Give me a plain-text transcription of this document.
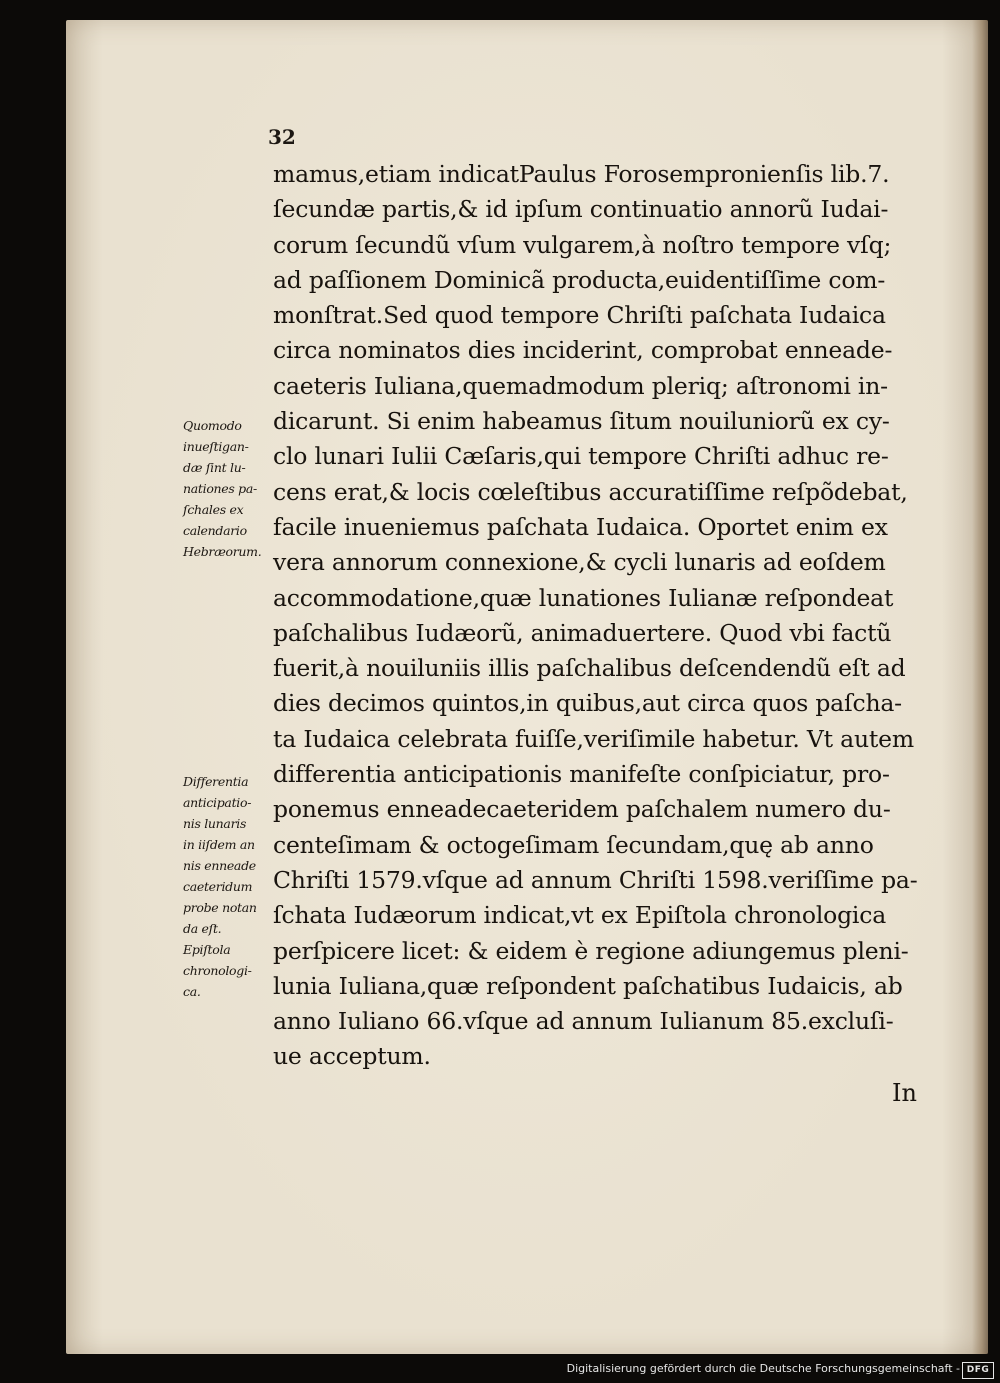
32
mamus,etiam indicatPaulus Forosempronienſis lib.7.
ſecundæ partis,& id ipſum continuatio annorũ Iudai-
corum ſecundũ vſum vulgarem,à noſtro tempore vſq;
ad paſſionem Dominicã producta,euidentiſſime com-
monſtrat.Sed quod tempore Chriſti paſchata Iudaica
circa nominatos dies inciderint, comprobat ennеade-
caeteris Iuliana,quemadmodum pleriq; aſtronomi in-
dicarunt. Si enim habeamus ſitum nouiluniorũ ex cy-
clo lunari Iulii Cæſaris,qui tempore Chriſti adhuc re-
cens erat,& locis cœleſtibus accuratiſſime reſpõdebat,
facile inueniemus paſchata Iudaica. Oportet enim ex
vera annorum connexione,& cycli lunaris ad eoſdem
accommodatione,quæ lunationes Iulianæ reſpondeat
paſchalibus Iudæorũ, animaduertere. Quod vbi factũ
fuerit,à nouiluniis illis paſchalibus deſcendendũ eſt ad
dies decimos quintos,in quibus,aut circa quos paſcha-
ta Iudaica celebrata fuiſſe,veriſimile habetur. Vt autem
differentia anticipationis manifeſte conſpiciatur, pro-
ponemus enneadecaeteridem paſchalem numero du-
centeſimam & octogeſimam ſecundam,quę ab anno
Chriſti 1579.vſque ad annum Chriſti 1598.veriſſime pa-
ſchata Iudæorum indicat,vt ex Epiſtola chronologica
perſpicere licet: & eidem è regione adiungemus pleni-
lunia Iuliana,quæ reſpondent paſchatibus Iudaicis, ab
anno Iuliano 66.vſque ad annum Iulianum 85.excluſi-
ue acceptum.
Quomodo
inueſtigan-
dæ ſint lu-
nationes pa-
ſchales ex
calendario
Hebræorum.
Differentia
anticipatio-
nis lunaris
in iiſdem an
nis enneade
caeteridum
probe notan
da eſt.
Epiſtola
chronologi-
ca.
In
Digitalisierung gefördert durch die Deutsche Forschungsgemeinschaft - DFG
